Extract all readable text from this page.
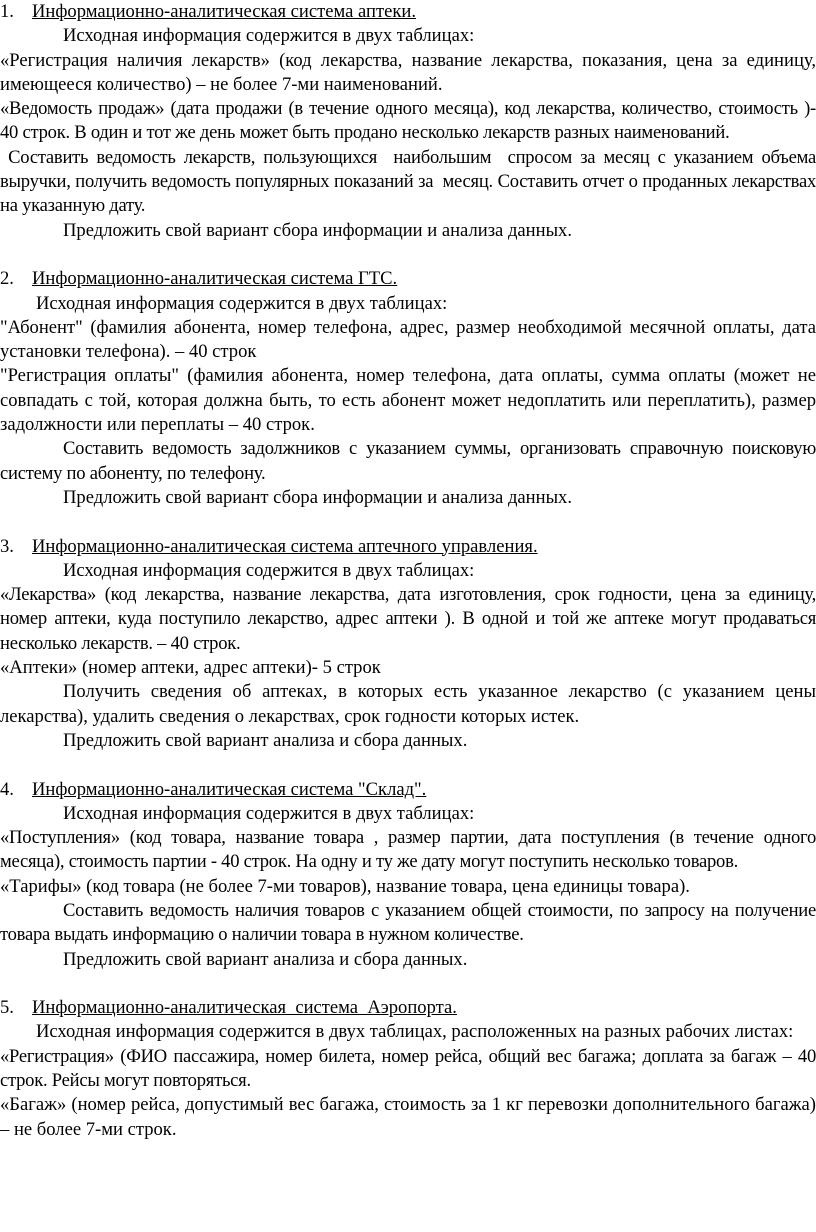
1. Информационно-аналитическая система аптеки.

Исходная информация содержится в двух таблицах:

«Регистрация наличия лекарств» (код лекарства, название лекарства, показания, цена за единицу, имеющееся количество) – не более 7-ми наименований.

«Ведомость продаж» (дата продажи (в течение одного месяца), код лекарства, количество, стоимость )- 40 строк. В один и тот же день может быть продано несколько лекарств разных наименований.

Составить ведомость лекарств, пользующихся  наибольшим  спросом за месяц с указанием объема выручки, получить ведомость популярных показаний за  месяц. Составить отчет о проданных лекарствах на указанную дату.

Предложить свой вариант сбора информации и анализа данных.

2. Информационно-аналитическая система ГТС.

Исходная информация содержится в двух таблицах:

"Абонент" (фамилия абонента, номер телефона, адрес, размер необходимой месячной оплаты, дата установки телефона). – 40 строк

"Регистрация оплаты" (фамилия абонента, номер телефона, дата оплаты, сумма оплаты (может не совпадать с той, которая должна быть, то есть абонент может недоплатить или переплатить), размер задолжности или переплаты – 40 строк.

Составить ведомость задолжников с указанием суммы, организовать справочную поисковую систему по абоненту, по телефону.

Предложить свой вариант сбора информации и анализа данных.

3. Информационно-аналитическая система аптечного управления.

Исходная информация содержится в двух таблицах:

«Лекарства» (код лекарства, название лекарства, дата изготовления, срок годности, цена за единицу, номер аптеки, куда поступило лекарство, адрес аптеки ). В одной и той же аптеке могут продаваться несколько лекарств. – 40 строк.

«Аптеки» (номер аптеки, адрес аптеки)- 5 строк

Получить сведения об аптеках, в которых есть указанное лекарство (с указанием цены лекарства), удалить сведения о лекарствах, срок годности которых истек.

Предложить свой вариант анализа и сбора данных.

4. Информационно-аналитическая система "Склад".

Исходная информация содержится в двух таблицах:

«Поступления» (код товара, название товара , размер партии, дата поступления (в течение одного месяца), стоимость партии - 40 строк. На одну и ту же дату могут поступить несколько товаров.

«Тарифы» (код товара (не более 7-ми товаров), название товара, цена единицы товара).

Составить ведомость наличия товаров с указанием общей стоимости, по запросу на получение товара выдать информацию о наличии товара в нужном количестве.

Предложить свой вариант анализа и сбора данных.

5. Информационно-аналитическая  система  Аэропорта.

Исходная информация содержится в двух таблицах, расположенных на разных рабочих листах:

«Регистрация» (ФИО пассажира, номер билета, номер рейса, общий вес багажа; доплата за багаж – 40 строк. Рейсы могут повторяться.

«Багаж» (номер рейса, допустимый вес багажа, стоимость за 1 кг перевозки дополнительного багажа) – не более 7-ми строк.
